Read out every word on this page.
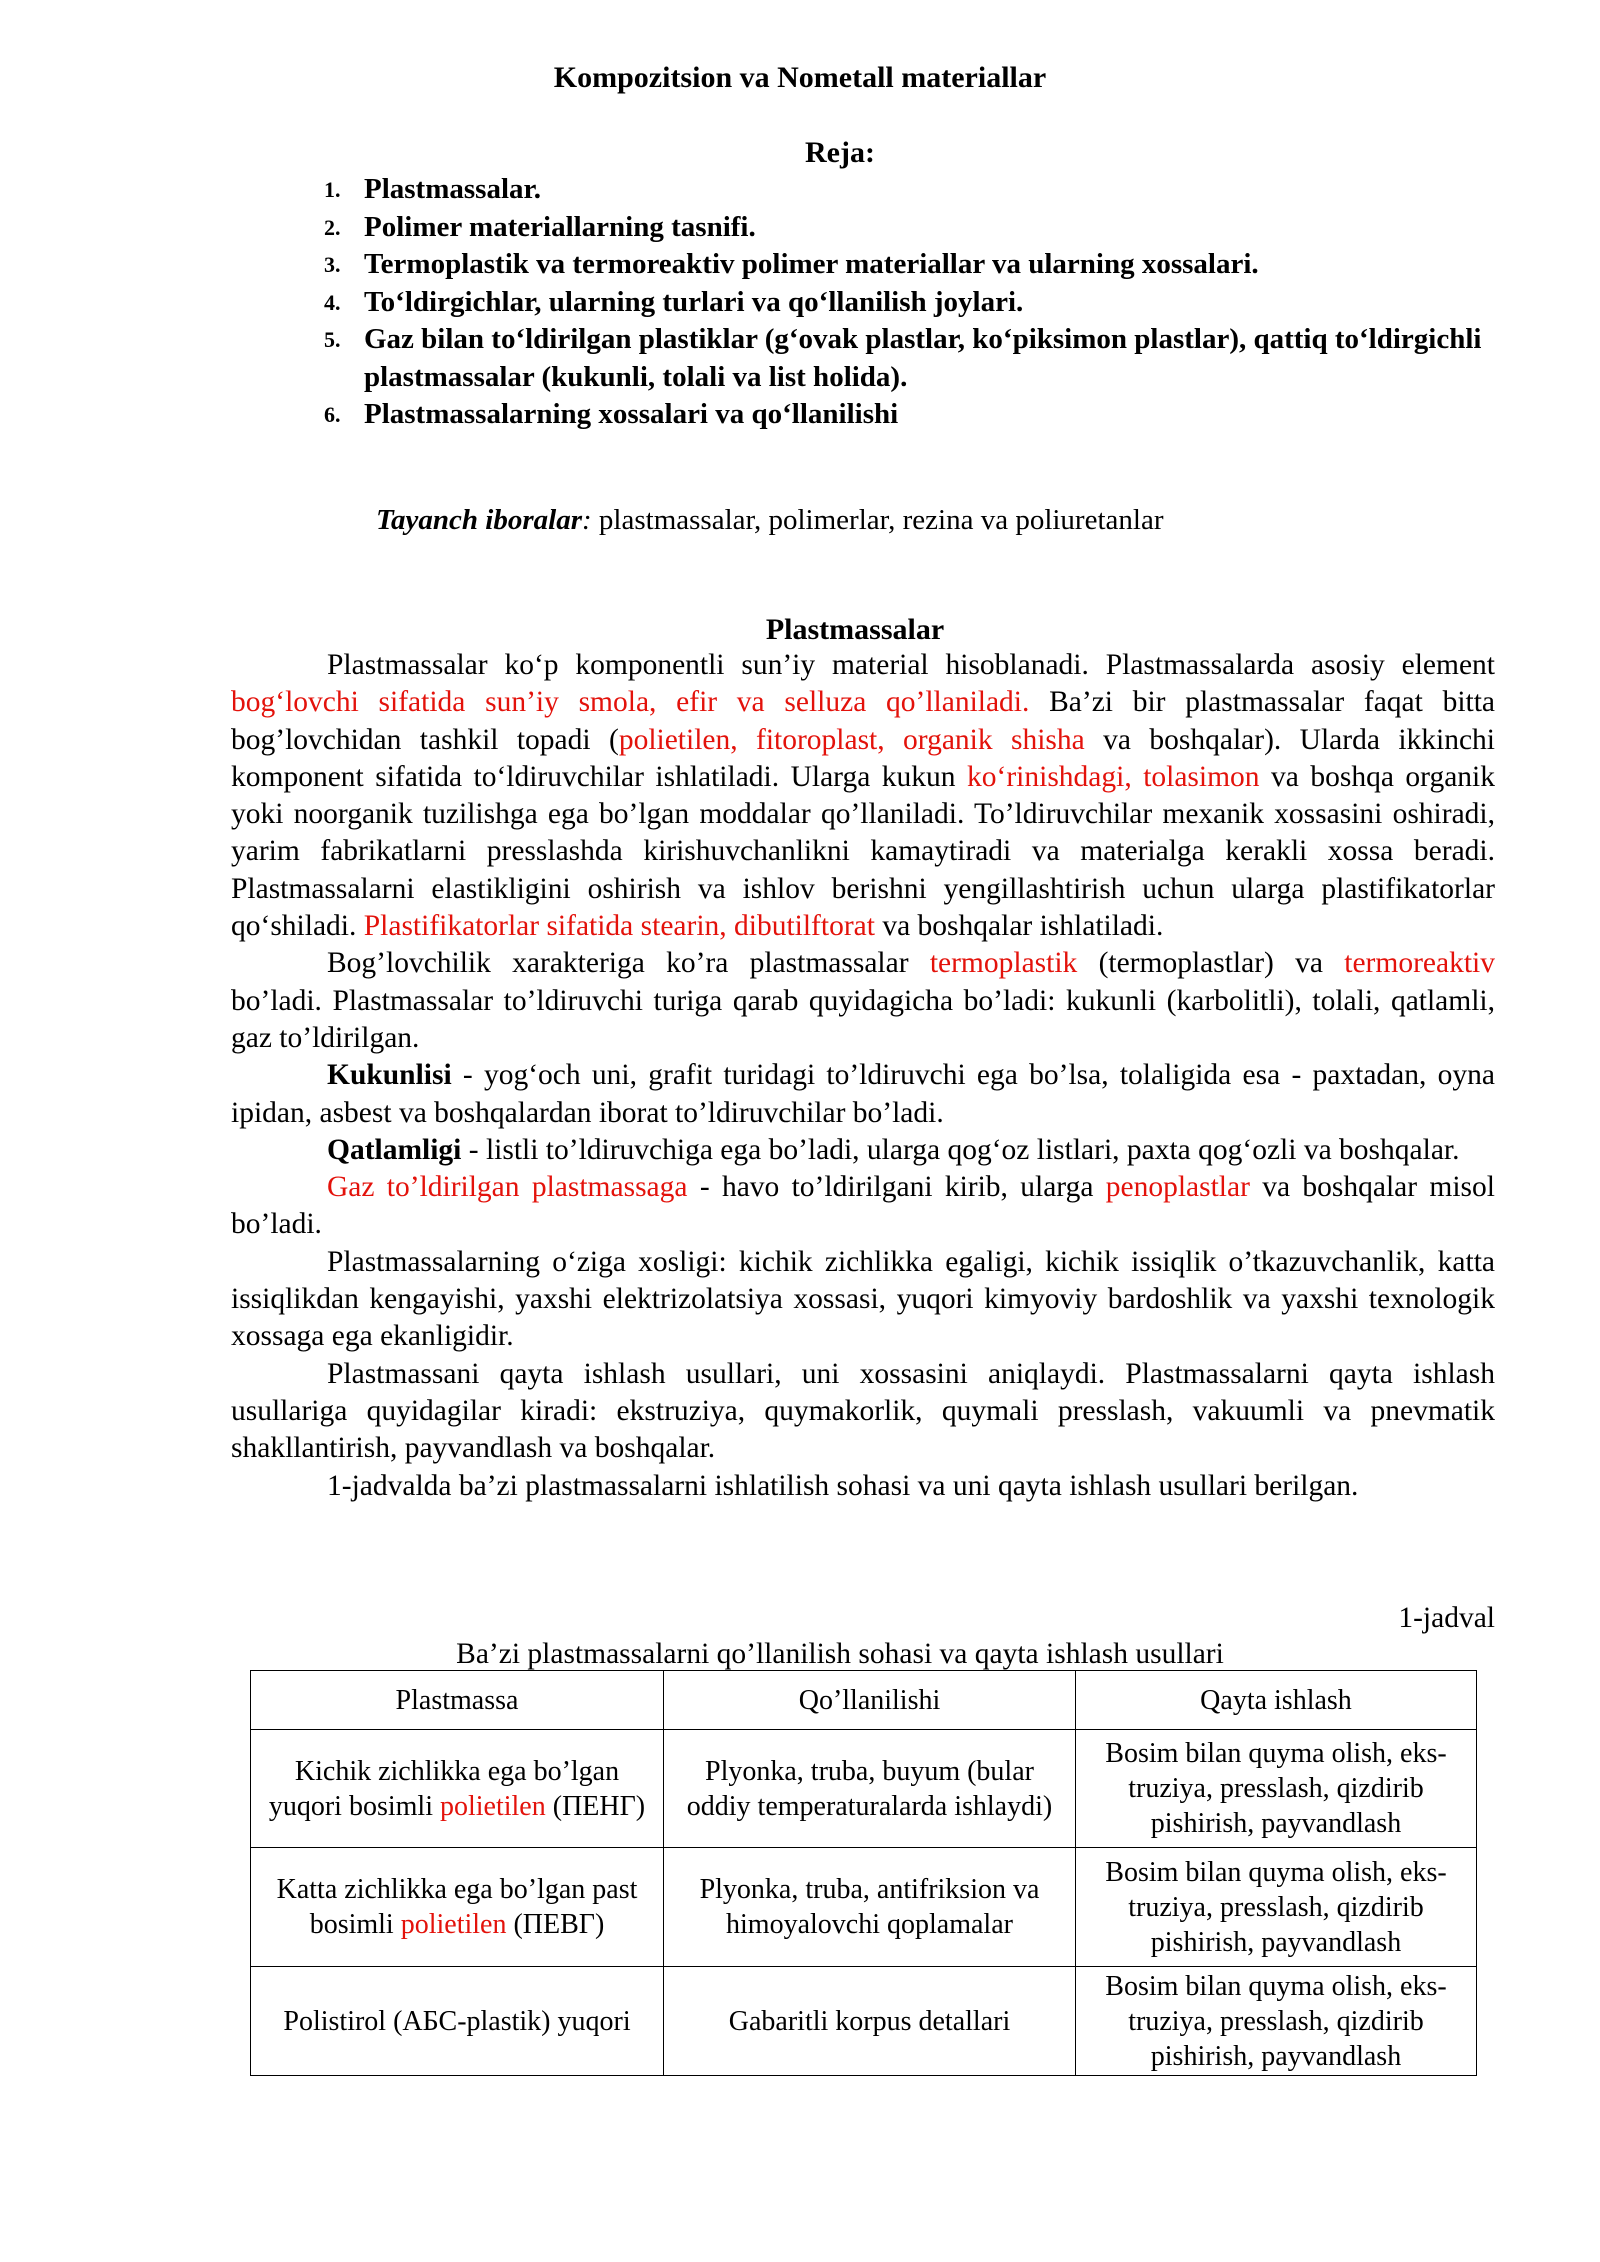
Kompozitsion va Nometall materiallar
Reja:
1. Plastmassalar.
2. Polimer materiallarning tasnifi.
3. Termoplastik va termoreaktiv polimer materiallar va ularning xossalari.
4. To‘ldirgichlar, ularning turlari va qo‘llanilish joylari.
5. Gaz bilan to‘ldirilgan plastiklar (g‘ovak plastlar, ko‘piksimon plastlar), qattiq to‘ldirgichli plastmassalar (kukunli, tolali va list holida).
6. Plastmassalarning xossalari va qo‘llanilishi
Tayanch iboralar: plastmassalar, polimerlar, rezina va poliuretanlar
Plastmassalar

Plastmassalar ko‘p komponentli sun’iy material hisoblanadi. Plastmassalarda asosiy element bog‘lovchi sifatida sun’iy smola, efir va selluza qo’llaniladi. Ba’zi bir plastmassalar faqat bitta bog’lovchidan tashkil topadi (polietilen, fitoroplast, organik shisha va boshqalar). Ularda ikkinchi komponent sifatida to‘ldiruvchilar ishlatiladi. Ularga kukun ko‘rinishdagi, tolasimon va boshqa organik yoki noorganik tuzilishga ega bo’lgan moddalar qo’llaniladi. To’ldiruvchilar mexanik xossasini oshiradi, yarim fabrikatlarni presslashda kirishuvchanlikni kamaytiradi va materialga kerakli xossa beradi. Plastmassalarni elastikligini oshirish va ishlov berishni yengillashtirish uchun ularga plastifikatorlar qo‘shiladi. Plastifikatorlar sifatida stearin, dibutilftorat va boshqalar ishlatiladi.

Bog’lovchilik xarakteriga ko’ra plastmassalar termoplastik (termoplastlar) va termoreaktiv bo’ladi. Plastmassalar to’ldiruvchi turiga qarab quyidagicha bo’ladi: kukunli (karbolitli), tolali, qatlamli, gaz to’ldirilgan.

Kukunlisi - yog‘och uni, grafit turidagi to’ldiruvchi ega bo’lsa, tolaligida esa - paxtadan, oyna ipidan, asbest va boshqalardan iborat to’ldiruvchilar bo’ladi.

Qatlamligi - listli to’ldiruvchiga ega bo’ladi, ularga qog‘oz listlari, paxta qog‘ozli va boshqalar.

Gaz to’ldirilgan plastmassaga - havo to’ldirilgani kirib, ularga penoplastlar va boshqalar misol bo’ladi.

Plastmassalarning o‘ziga xosligi: kichik zichlikka egaligi, kichik issiqlik o’tkazuvchanlik, katta issiqlikdan kengayishi, yaxshi elektrizolatsiya xossasi, yuqori kimyoviy bardoshlik va yaxshi texnologik xossaga ega ekanligidir.

Plastmassani qayta ishlash usullari, uni xossasini aniqlaydi. Plastmassalarni qayta ishlash usullariga quyidagilar kiradi: ekstruziya, quymakorlik, quymali presslash, vakuumli va pnevmatik shakllantirish, payvandlash va boshqalar.

1-jadvalda ba’zi plastmassalarni ishlatilish sohasi va uni qayta ishlash usullari berilgan.

1-jadval
Ba’zi plastmassalarni qo’llanilish sohasi va qayta ishlash usullari
Plastmassa	Qo’llanilishi	Qayta ishlash
Kichik zichlikka ega bo’lgan yuqori bosimli polietilen (ПЕНГ)	Plyonka, truba, buyum (bular oddiy temperaturalarda ishlaydi)	Bosim bilan quyma olish, eks-truziya, presslash, qizdirib pishirish, payvandlash
Katta zichlikka ega bo’lgan past bosimli polietilen (ПЕВГ)	Plyonka, truba, antifriksion va himoyalovchi qoplamalar	Bosim bilan quyma olish, eks-truziya, presslash, qizdirib pishirish, payvandlash
Polistirol (АБС-plastik) yuqori	Gabaritli korpus detallari	Bosim bilan quyma olish, eks-truziya, presslash, qizdirib pishirish, payvandlash
